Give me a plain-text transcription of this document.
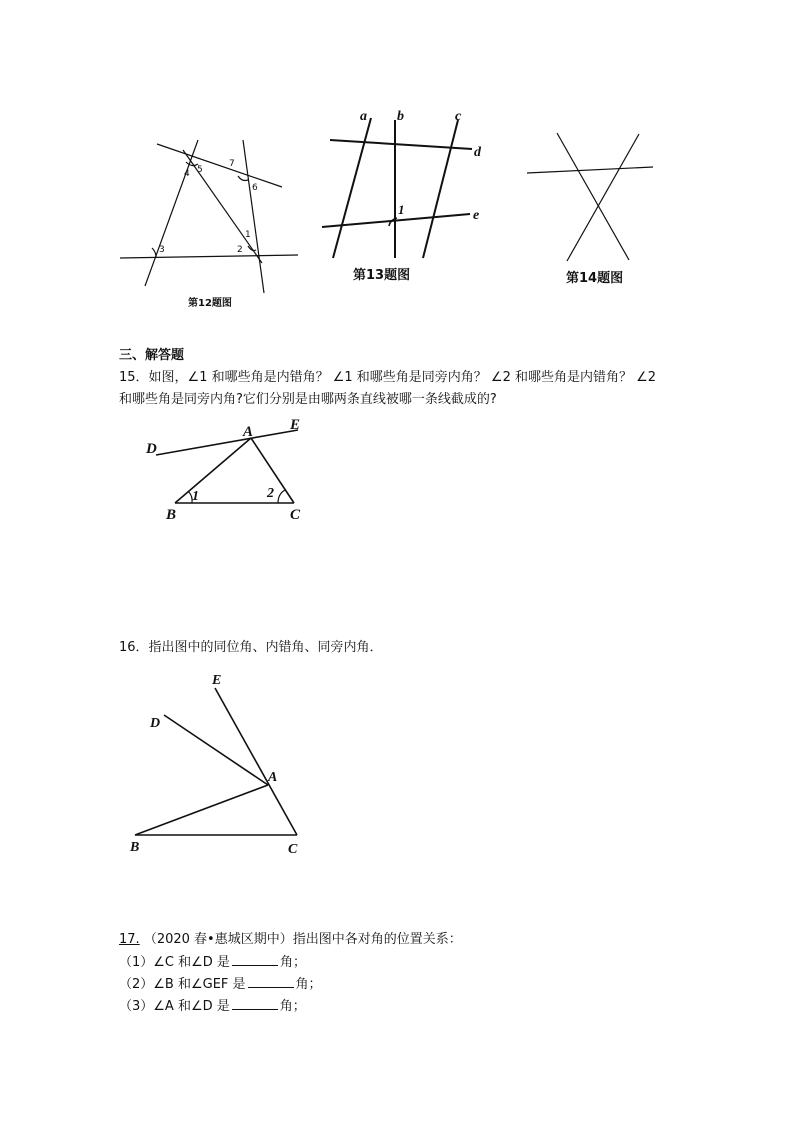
4 5
7
6
1
2
3
第12题图
a b	c
d
e
1
第13题图	第14题图
D
A E
B	C
1	2
E
D
A
B	C
三、解答题
15．如图，∠1 和哪些角是内错角？ ∠1 和哪些角是同旁内角？ ∠2 和哪些角是内错角？ ∠2
和哪些角是同旁内角?它们分别是由哪两条直线被哪一条线截成的?
16．指出图中的同位角、内错角、同旁内角．
17. （2020 春•惠城区期中）指出图中各对角的位置关系：
（1）∠C 和∠D 是	角；
（2）∠B 和∠GEF 是	角；
（3）∠A 和∠D 是	角；
